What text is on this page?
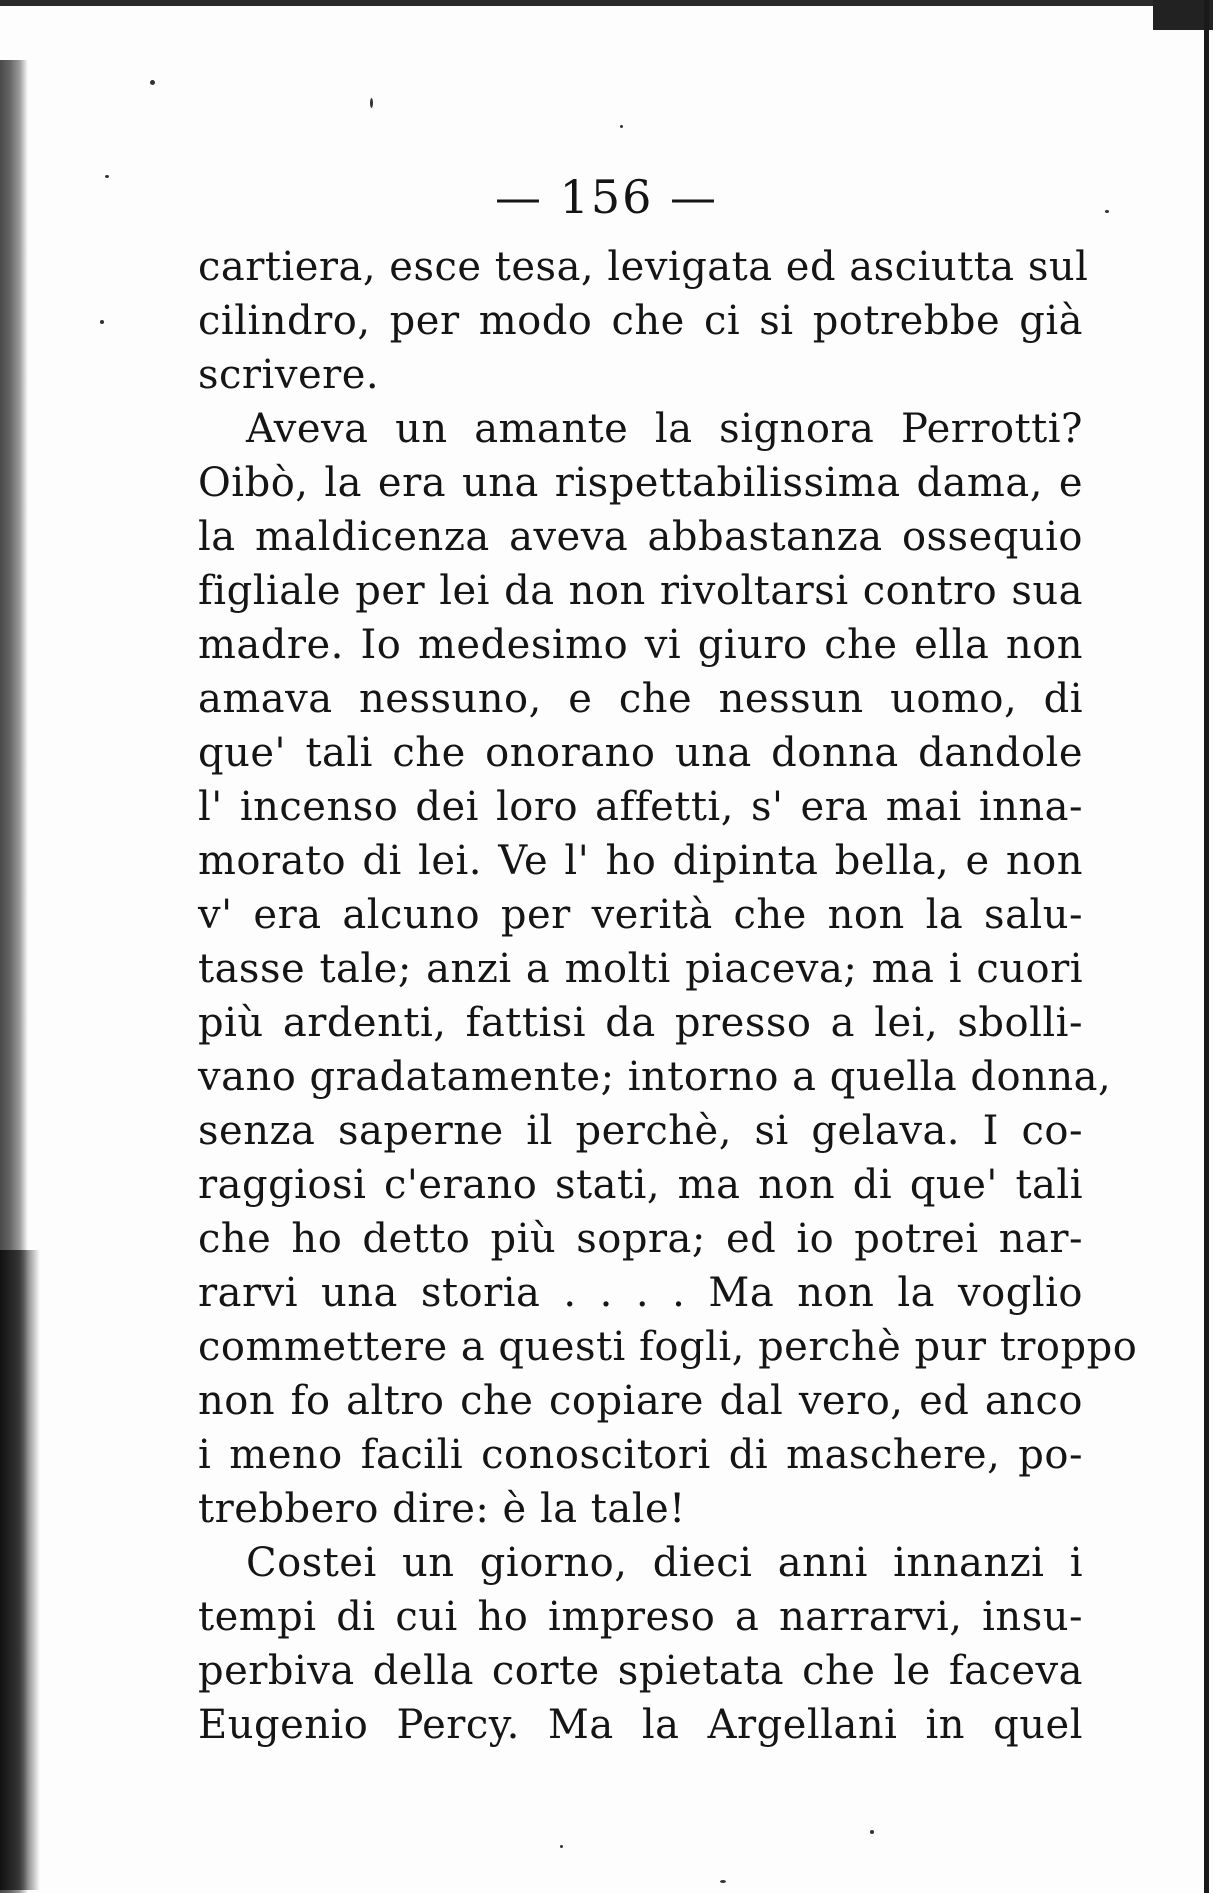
— 156 —
cartiera, esce tesa, levigata ed asciutta sul
cilindro, per modo che ci si potrebbe già
scrivere.
Aveva un amante la signora Perrotti?
Oibò, la era una rispettabilissima dama, e
la maldicenza aveva abbastanza ossequio
figliale per lei da non rivoltarsi contro sua
madre. Io medesimo vi giuro che ella non
amava nessuno, e che nessun uomo, di
que' tali che onorano una donna dandole
l' incenso dei loro affetti, s' era mai inna-
morato di lei. Ve l' ho dipinta bella, e non
v' era alcuno per verità che non la salu-
tasse tale; anzi a molti piaceva; ma i cuori
più ardenti, fattisi da presso a lei, sbolli-
vano gradatamente; intorno a quella donna,
senza saperne il perchè, si gelava. I co-
raggiosi c'erano stati, ma non di que' tali
che ho detto più sopra; ed io potrei nar-
rarvi una storia . . . . Ma non la voglio
commettere a questi fogli, perchè pur troppo
non fo altro che copiare dal vero, ed anco
i meno facili conoscitori di maschere, po-
trebbero dire: è la tale!
Costei un giorno, dieci anni innanzi i
tempi di cui ho impreso a narrarvi, insu-
perbiva della corte spietata che le faceva
Eugenio Percy. Ma la Argellani in quel
